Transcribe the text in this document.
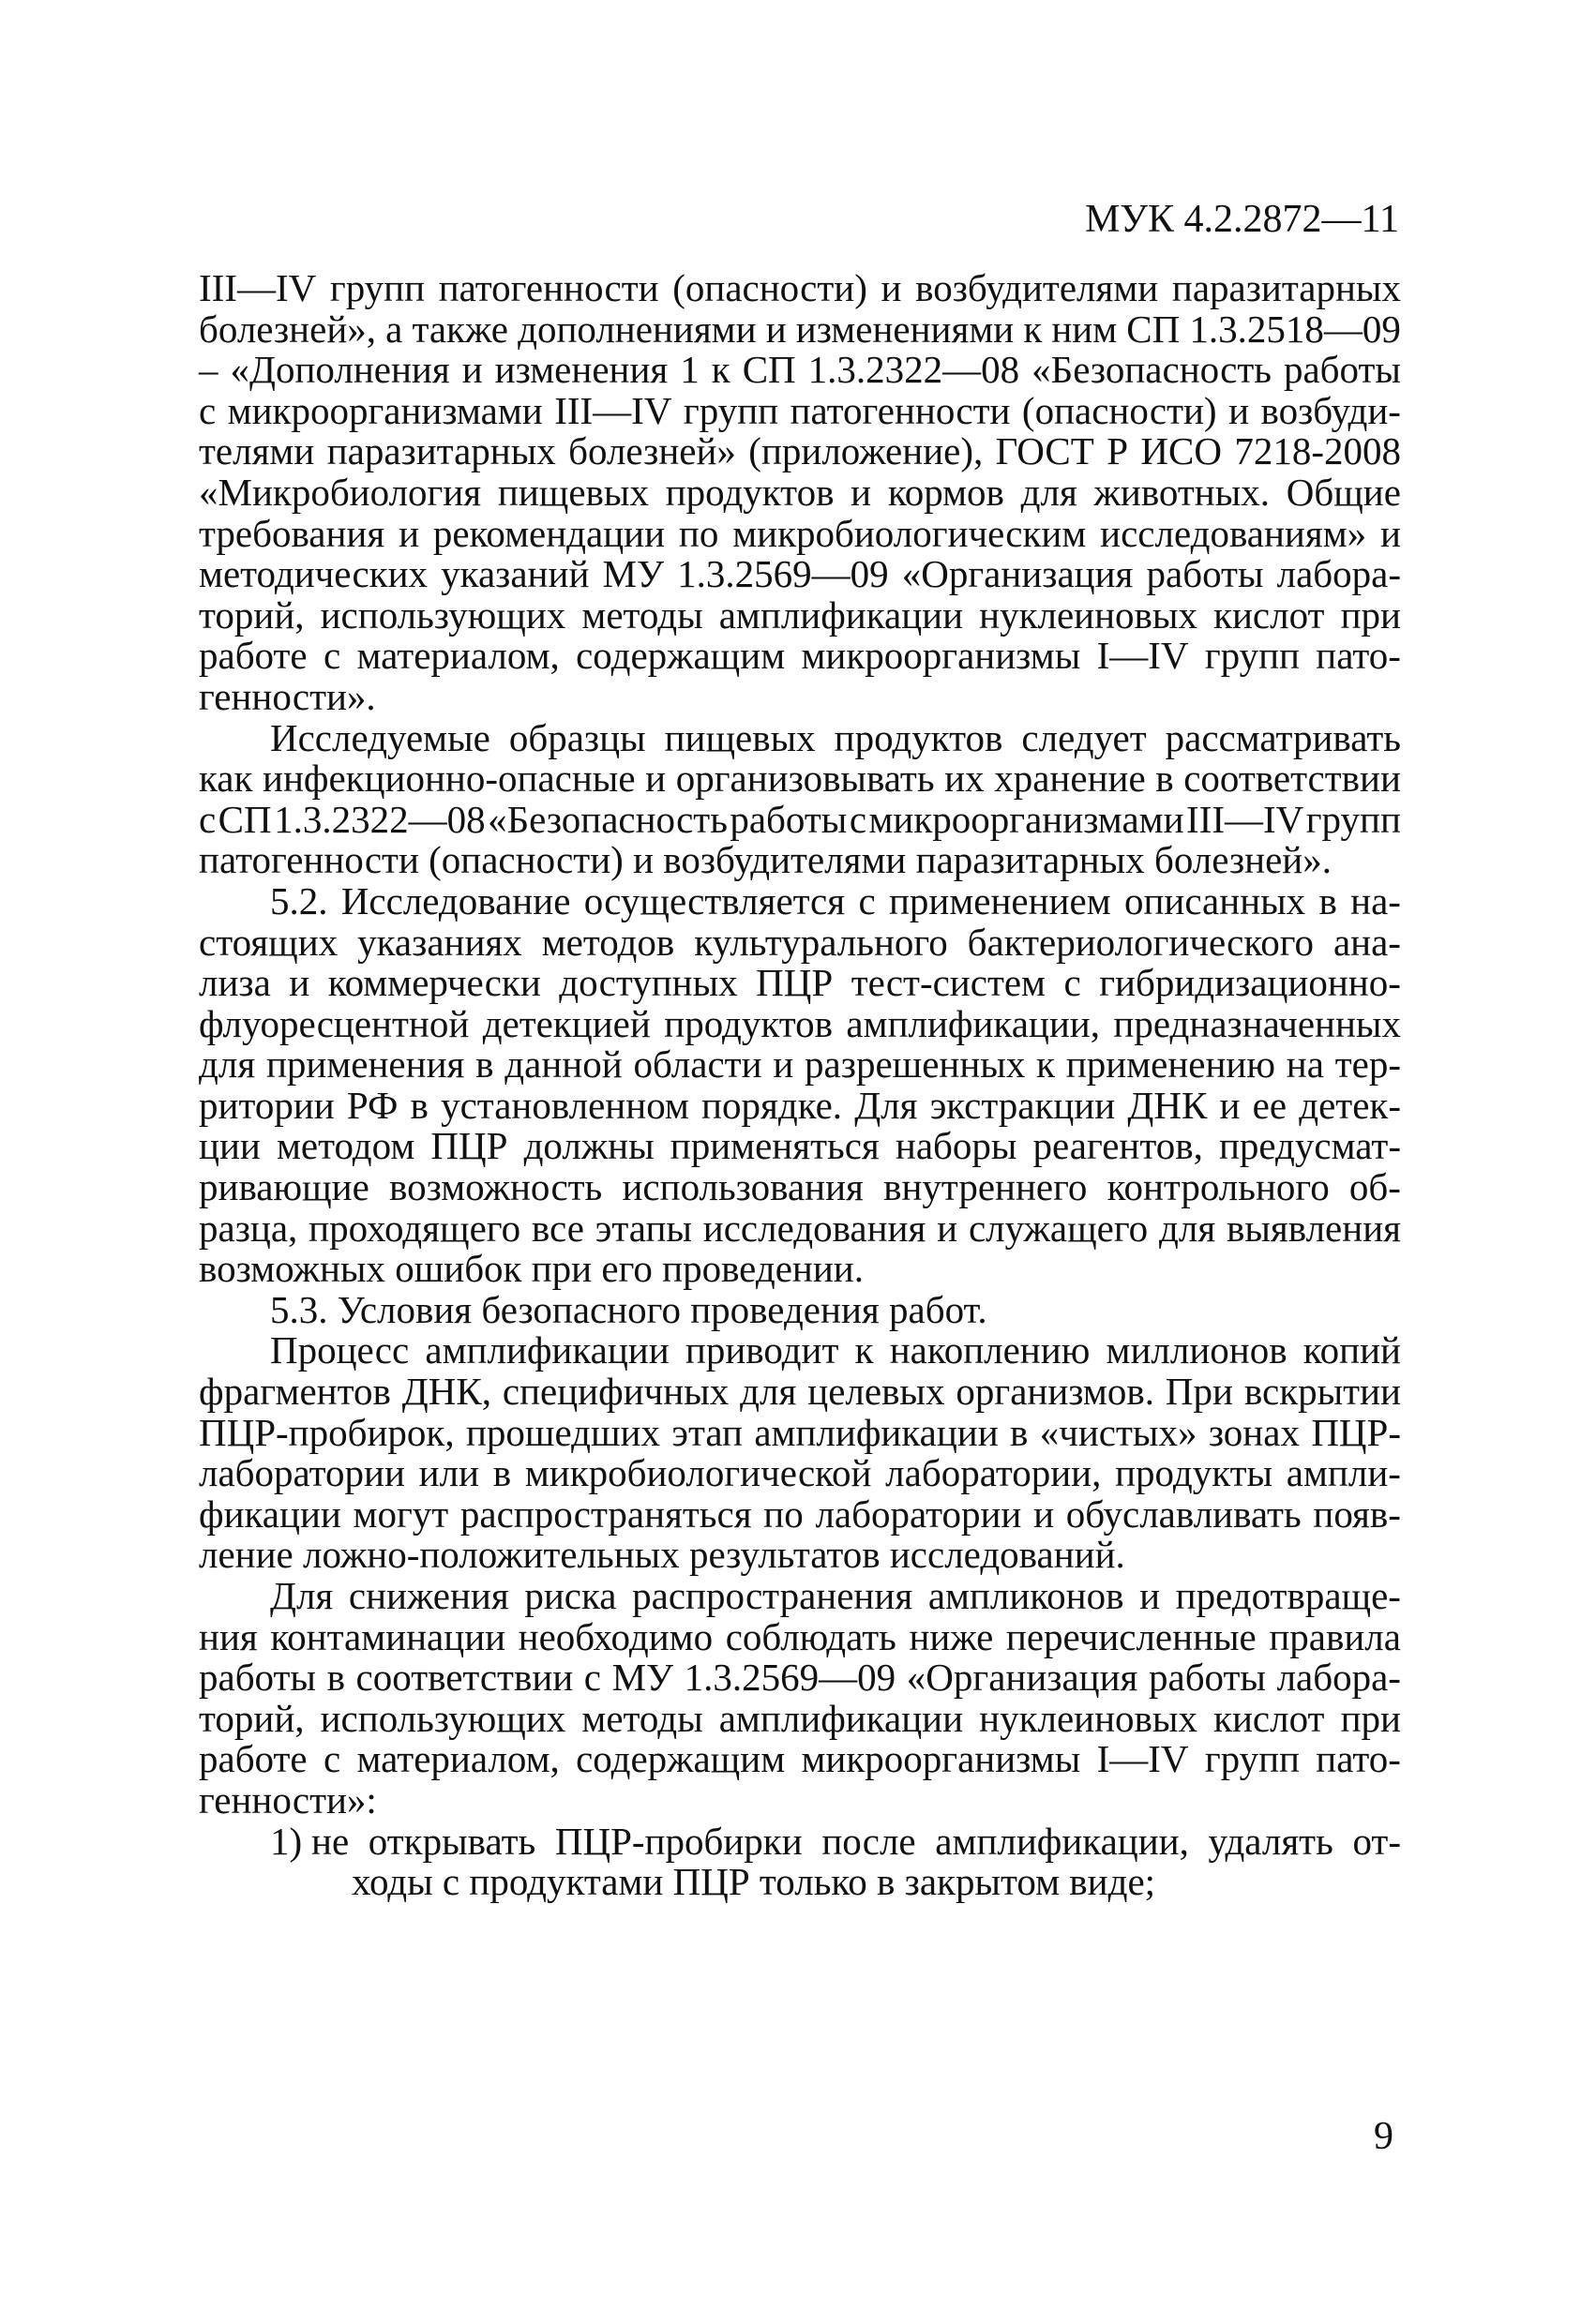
МУК 4.2.2872—11
III—IV групп патогенности (опасности) и возбудителями паразитарных
болезней», а также дополнениями и изменениями к ним СП 1.3.2518—09
– «Дополнения и изменения 1 к СП 1.3.2322—08 «Безопасность работы
с микроорганизмами III—IV групп патогенности (опасности) и возбуди-
телями паразитарных болезней» (приложение), ГОСТ Р ИСО 7218-2008
«Микробиология пищевых продуктов и кормов для животных. Общие
требования и рекомендации по микробиологическим исследованиям» и
методических указаний МУ 1.3.2569—09 «Организация работы лабора-
торий, использующих методы амплификации нуклеиновых кислот при
работе с материалом, содержащим микроорганизмы I—IV групп пато-
генности».
Исследуемые образцы пищевых продуктов следует рассматривать
как инфекционно-опасные и организовывать их хранение в соответствии
с СП 1.3.2322—08 «Безопасность работы с микроорганизмами III—IV групп
патогенности (опасности) и возбудителями паразитарных болезней».
5.2. Исследование осуществляется с применением описанных в на-
стоящих указаниях методов культурального бактериологического ана-
лиза и коммерчески доступных ПЦР тест-систем с гибридизационно-
флуоресцентной детекцией продуктов амплификации, предназначенных
для применения в данной области и разрешенных к применению на тер-
ритории РФ в установленном порядке. Для экстракции ДНК и ее детек-
ции методом ПЦР должны применяться наборы реагентов, предусмат-
ривающие возможность использования внутреннего контрольного об-
разца, проходящего все этапы исследования и служащего для выявления
возможных ошибок при его проведении.
5.3. Условия безопасного проведения работ.
Процесс амплификации приводит к накоплению миллионов копий
фрагментов ДНК, специфичных для целевых организмов. При вскрытии
ПЦР-пробирок, прошедших этап амплификации в «чистых» зонах ПЦР-
лаборатории или в микробиологической лаборатории, продукты ампли-
фикации могут распространяться по лаборатории и обуславливать появ-
ление ложно-положительных результатов исследований.
Для снижения риска распространения ампликонов и предотвраще-
ния контаминации необходимо соблюдать ниже перечисленные правила
работы в соответствии с МУ 1.3.2569—09 «Организация работы лабора-
торий, использующих методы амплификации нуклеиновых кислот при
работе с материалом, содержащим микроорганизмы I—IV групп пато-
генности»:
1) не открывать ПЦР-пробирки после амплификации, удалять от-
ходы с продуктами ПЦР только в закрытом виде;
9
